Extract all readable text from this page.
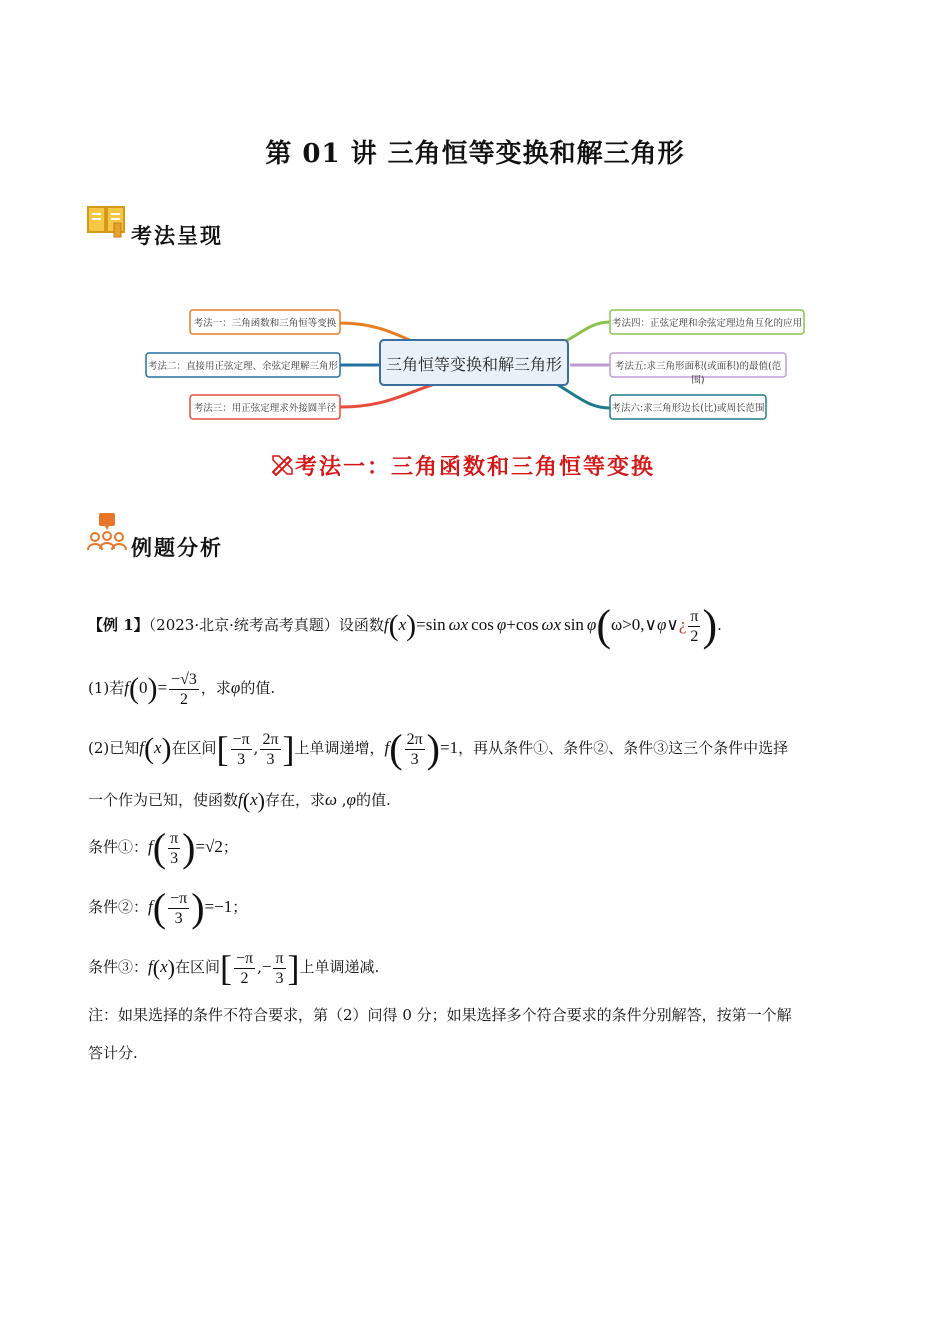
第 01 讲 三角恒等变换和解三角形
考法呈现
三角恒等变换和解三角形
考法一：三角函数和三角恒等变换
考法二：直接用正弦定理、余弦定理解三角形
考法三：用正弦定理求外接圆半径
考法四：正弦定理和余弦定理边角互化的应用
考法五:求三角形面积(或面积)的最值(范围)
考法六:求三角形边长(比)或周长范围
考法一：三角函数和三角恒等变换
例题分析
【例 1】（2023·北京·统考高考真题）设函数f(x)=sin  ωx  cos  φ+cos  ωx  sin  φ(ω>0,∨φ∨¿ $\frac{\pi}{2}$ ).
(1)若$f(0)= \frac{-√3}{2}$ ，求φ的值.
(2)已知f(x)在区间[ $\frac{-\pi}{3}$ , $\frac{2\pi}{3}$ ]上单调递增，$f( \frac{2\pi}{3} )=1$，再从条件①、条件②、条件③这三个条件中选择
一个作为已知，使函数f(x)存在，求ω ,φ的值.
条件①：$f( \frac{\pi}{3} )=√2$；
条件②：$f( \frac{-\pi}{3} )=-1$；
条件③：f(x)在区间[ $\frac{-\pi}{2}$ ,− $\frac{\pi}{3}$ ]上单调递减.
注：如果选择的条件不符合要求，第（2）问得 0 分；如果选择多个符合要求的条件分别解答，按第一个解
答计分.
